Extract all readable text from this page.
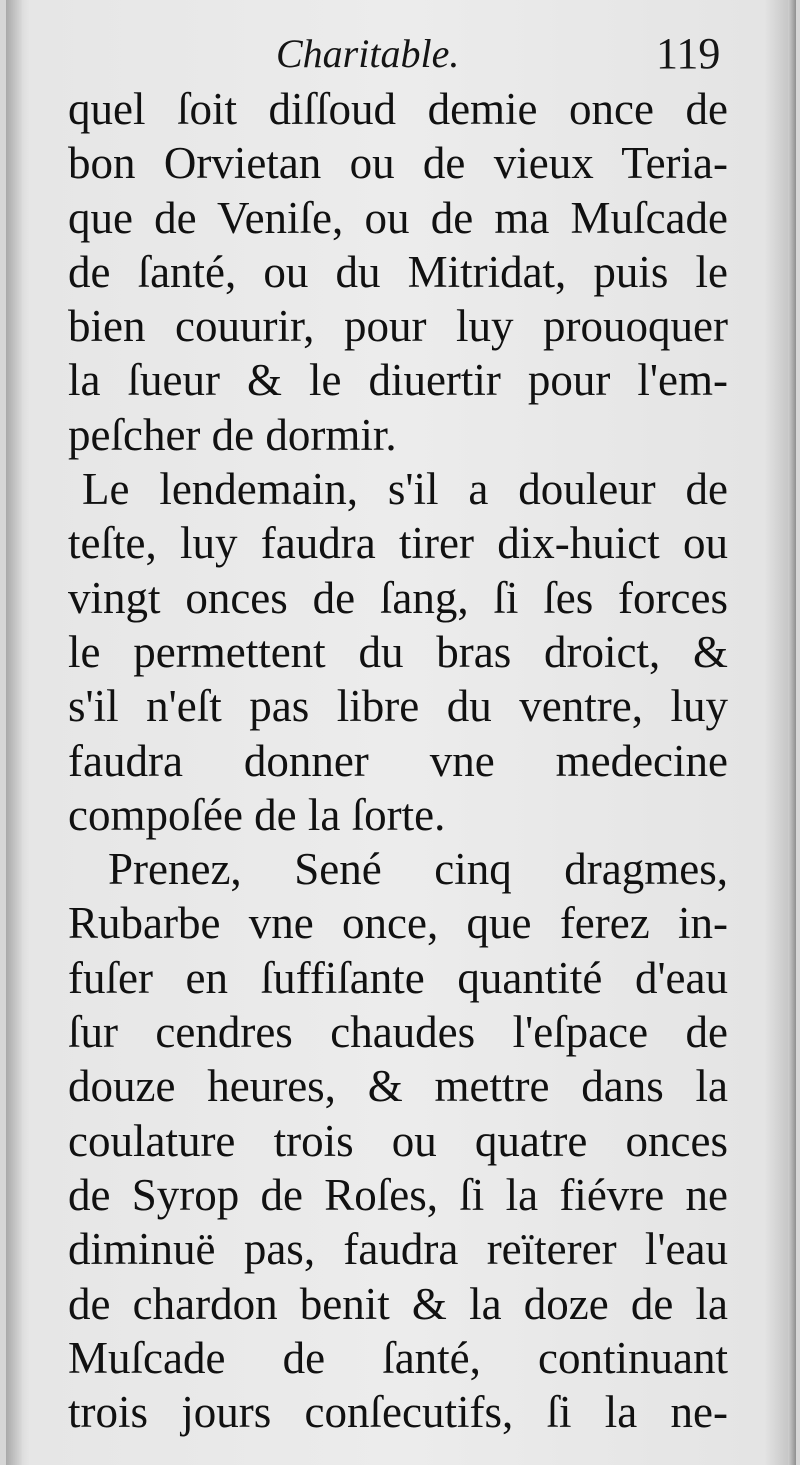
Charitable.	119
quel ſoit diſſoud demie once de
bon Orvietan ou de vieux Teria-
que de Veniſe, ou de ma Muſcade
de ſanté, ou du Mitridat, puis le
bien couurir, pour luy prouoquer
la ſueur & le diuertir pour l'em-
peſcher de dormir.
Le lendemain, s'il a douleur de
teſte, luy faudra tirer dix-huict ou
vingt onces de ſang, ſi ſes forces
le permettent du bras droict, &
s'il n'eſt pas libre du ventre, luy
faudra donner vne medecine
compoſée de la ſorte.
Prenez, Sené cinq dragmes,
Rubarbe vne once, que ferez in-
fuſer en ſuffiſante quantité d'eau
ſur cendres chaudes l'eſpace de
douze heures, & mettre dans la
coulature trois ou quatre onces
de Syrop de Roſes, ſi la fiévre ne
diminuë pas, faudra reïterer l'eau
de chardon benit & la doze de la
Muſcade de ſanté, continuant
trois jours conſecutifs, ſi la ne-
